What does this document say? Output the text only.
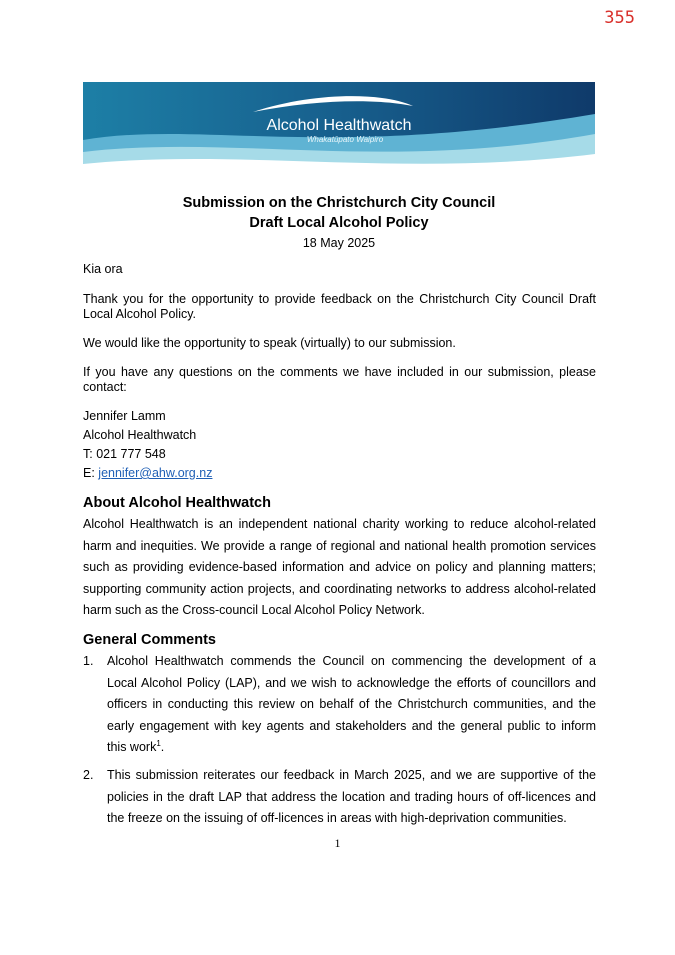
355
Alcohol Healthwatch
Whakatūpato Waipiro

Submission on the Christchurch City Council

Draft Local Alcohol Policy

18 May 2025

Kia ora

Thank you for the opportunity to provide feedback on the Christchurch City Council Draft Local Alcohol Policy.

We would like the opportunity to speak (virtually) to our submission.

If you have any questions on the comments we have included in our submission, please contact:

Jennifer Lamm
Alcohol Healthwatch
T: 021 777 548
E: jennifer@ahw.org.nz
About Alcohol Healthwatch

Alcohol Healthwatch is an independent national charity working to reduce alcohol-related harm and inequities. We provide a range of regional and national health promotion services such as providing evidence-based information and advice on policy and planning matters; supporting community action projects, and coordinating networks to address alcohol-related harm such as the Cross-council Local Alcohol Policy Network.

General Comments
1. Alcohol Healthwatch commends the Council on commencing the development of a Local Alcohol Policy (LAP), and we wish to acknowledge the efforts of councillors and officers in conducting this review on behalf of the Christchurch communities, and the early engagement with key agents and stakeholders and the general public to inform this work$^1$.
2. This submission reiterates our feedback in March 2025, and we are supportive of the policies in the draft LAP that address the location and trading hours of off-licences and the freeze on the issuing of off-licences in areas with high-deprivation communities.
1
